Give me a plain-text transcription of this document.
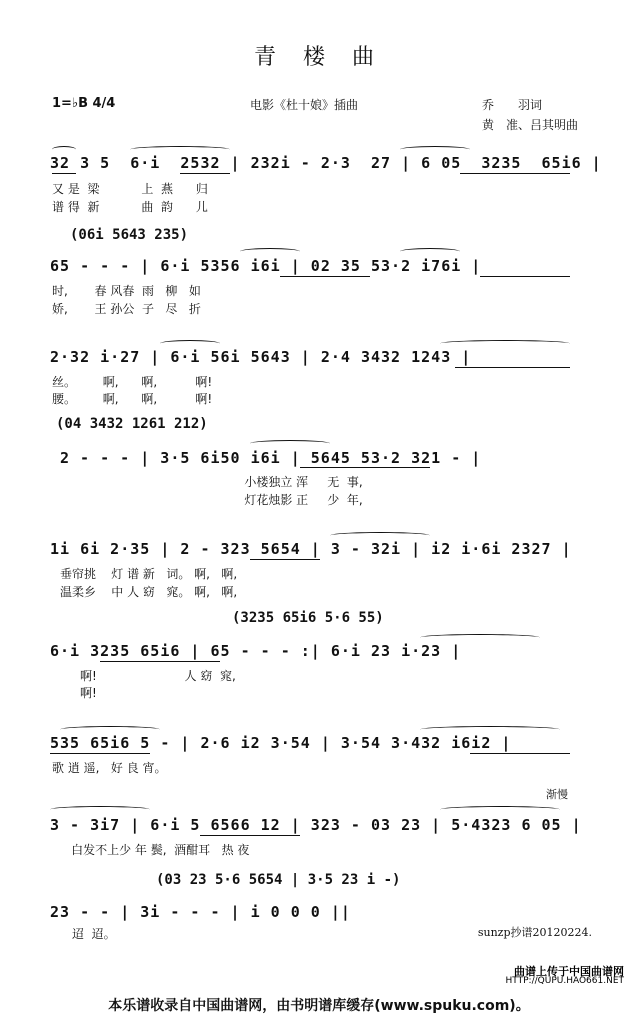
青 楼 曲
1=♭B 4/4	电影《杜十娘》插曲	乔　　羽词
黄　准、吕其明曲
32 3 5  6·i  2532 | 232i - 2·3  27 | 6 05  3235  65i6 |
又 是  梁           上  燕      归
谱 得  新           曲  韵      儿
(06i 5643 235)
65 - - - | 6·i 5356 i6i | 02 35 53·2 i76i |
时,       春 风春  雨   柳   如
娇,       王 孙公  子   尽   折
2·32 i·27 | 6·i 56i 5643 | 2·4 3432 1243 |
丝。       啊,      啊,          啊!
腰。       啊,      啊,          啊!
(04 3432 1261 212)
2 - - - | 3·5 6i50 i6i | 5645 53·2 321 - |
小楼独立 浑     无  事,
灯花烛影 正     少  年,
1i 6i 2·35 | 2 - 323 5654 | 3 - 32i | i2 i·6i 2327 |
垂帘挑    灯 谱 新   词。 啊,   啊,
温柔乡    中 人 窈   窕。 啊,   啊,
(3235 65i6 5·6 55)
6·i 3235 65i6 | 65 - - - :| 6·i 23 i·23 |
啊!                       人 窈  窕,
啊!
535 65i6 5 - | 2·6 i2 3·54 | 3·54 3·432 i6i2 |
歌 逍 遥,   好 良 宵。
渐慢
3 - 3i7 | 6·i 5 6566 12 | 323 - 03 23 | 5·4323 6 05 |
白发不上少 年 鬓,  酒酣耳   热 夜
(03 23 5·6 5654 | 3·5 23 i -)
23 - - | 3i - - - | i 0 0 0 ||
迢  迢。	sunzp抄谱20120224.
曲谱上传于中国曲谱网
HTTP://QUPU.HAO661.NET
本乐谱收录自中国曲谱网，由书明谱库缓存(www.spuku.com)。
